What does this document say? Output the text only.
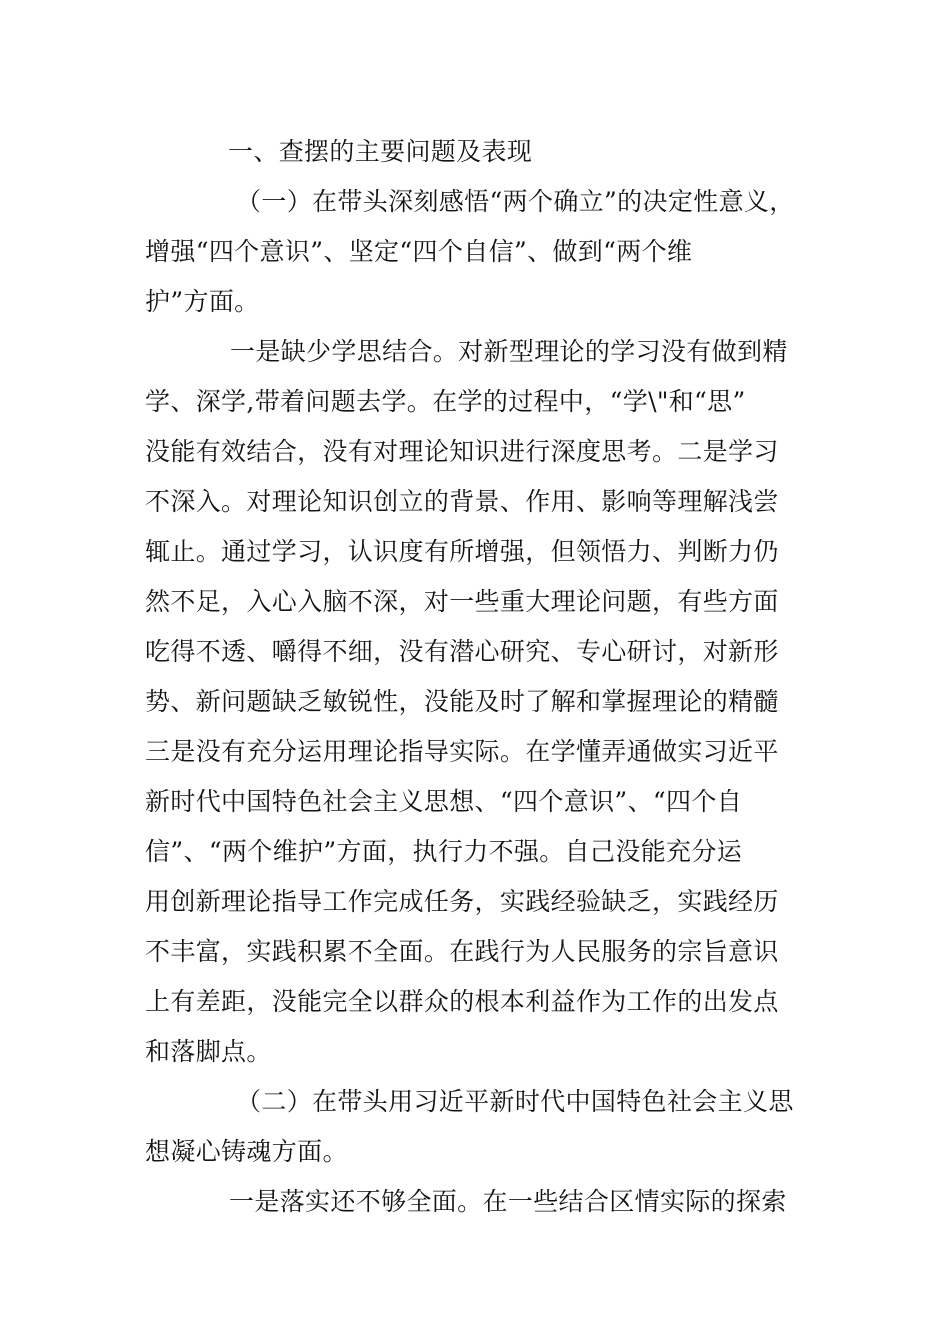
一、查摆的主要问题及表现
（一）在带头深刻感悟“两个确立”的决定性意义，
增强“四个意识”、坚定“四个自信”、做到“两个维
护”方面。
一是缺少学思结合。对新型理论的学习没有做到精
学、深学,带着问题去学。在学的过程中，“学\"和“思”
没能有效结合，没有对理论知识进行深度思考。二是学习
不深入。对理论知识创立的背景、作用、影响等理解浅尝
辄止。通过学习，认识度有所增强，但领悟力、判断力仍
然不足，入心入脑不深，对一些重大理论问题，有些方面
吃得不透、嚼得不细，没有潜心研究、专心研讨，对新形
势、新问题缺乏敏锐性，没能及时了解和掌握理论的精髓
三是没有充分运用理论指导实际。在学懂弄通做实习近平
新时代中国特色社会主义思想、“四个意识”、“四个自
信”、“两个维护”方面，执行力不强。自己没能充分运
用创新理论指导工作完成任务，实践经验缺乏，实践经历
不丰富，实践积累不全面。在践行为人民服务的宗旨意识
上有差距，没能完全以群众的根本利益作为工作的出发点
和落脚点。
（二）在带头用习近平新时代中国特色社会主义思
想凝心铸魂方面。
一是落实还不够全面。在一些结合区情实际的探索
